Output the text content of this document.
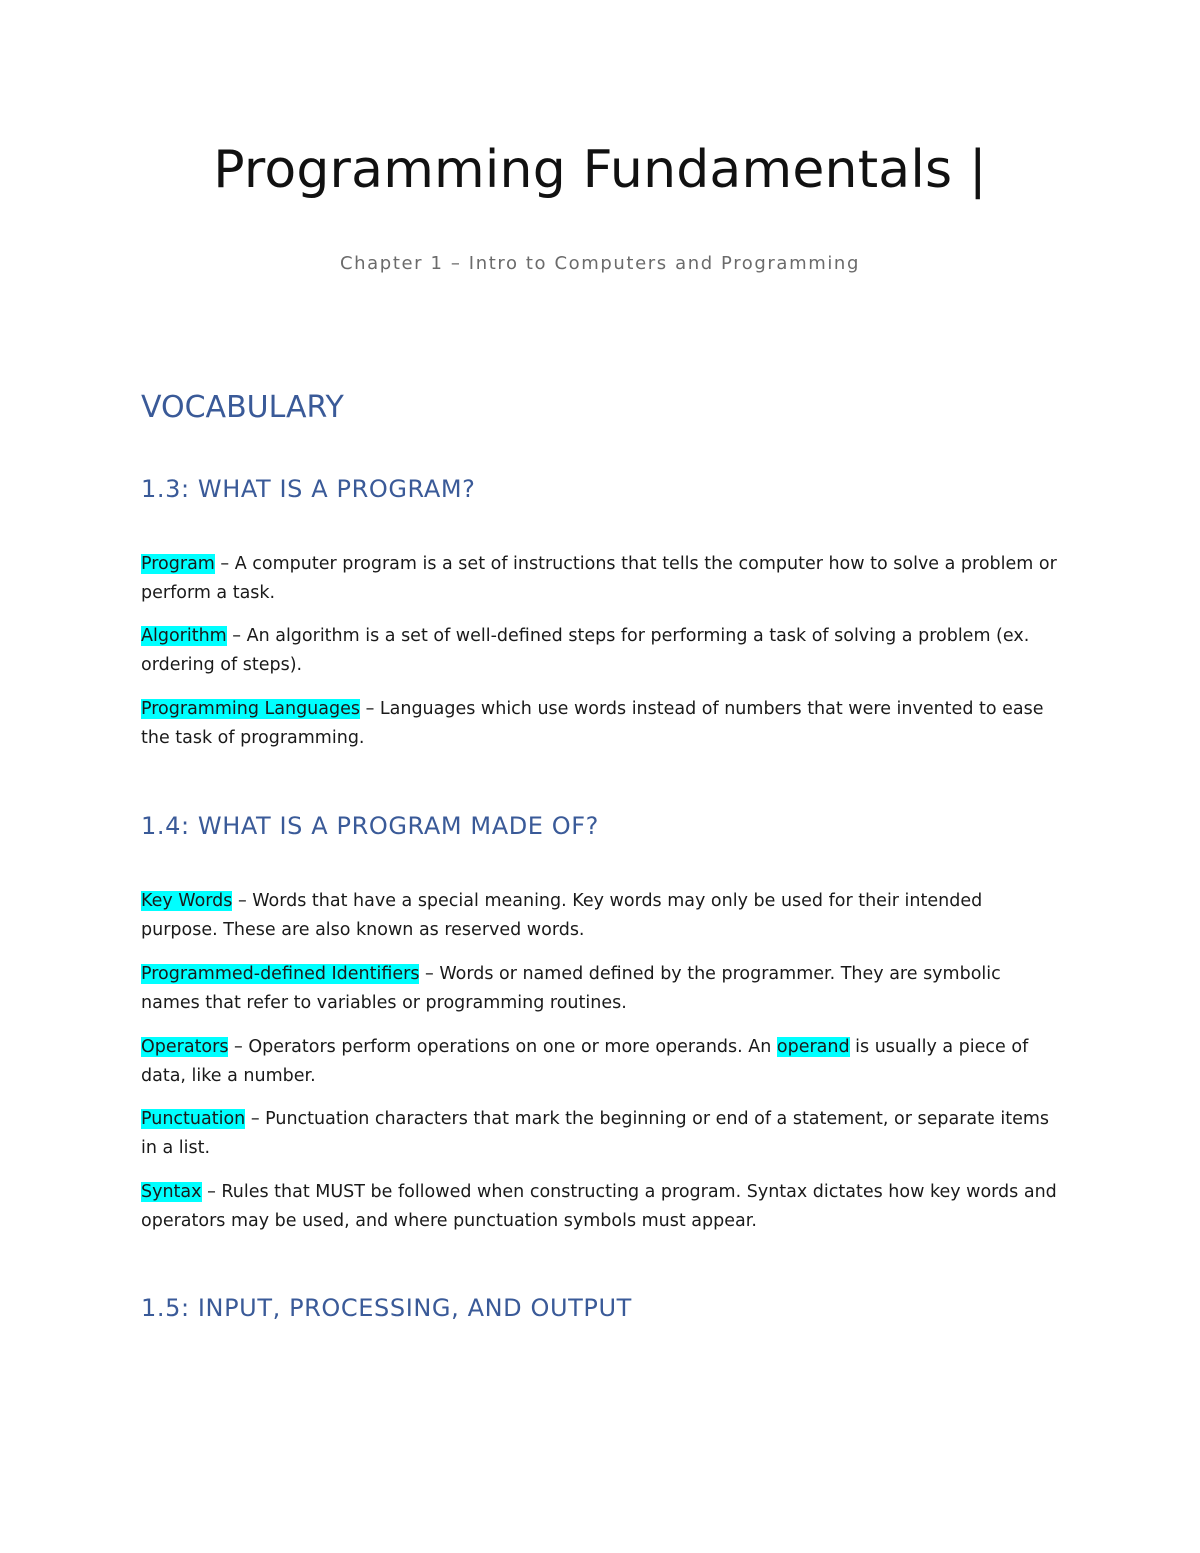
Programming Fundamentals |

Chapter 1 – Intro to Computers and Programming

VOCABULARY
1.3: WHAT IS A PROGRAM?

Program – A computer program is a set of instructions that tells the computer how to solve a problem or perform a task.

Algorithm – An algorithm is a set of well-defined steps for performing a task of solving a problem (ex. ordering of steps).

Programming Languages – Languages which use words instead of numbers that were invented to ease the task of programming.

1.4: WHAT IS A PROGRAM MADE OF?

Key Words – Words that have a special meaning. Key words may only be used for their intended purpose. These are also known as reserved words.

Programmed-defined Identifiers – Words or named defined by the programmer. They are symbolic names that refer to variables or programming routines.

Operators – Operators perform operations on one or more operands. An operand is usually a piece of data, like a number.

Punctuation – Punctuation characters that mark the beginning or end of a statement, or separate items in a list.

Syntax – Rules that MUST be followed when constructing a program. Syntax dictates how key words and operators may be used, and where punctuation symbols must appear.

1.5: INPUT, PROCESSING, AND OUTPUT
